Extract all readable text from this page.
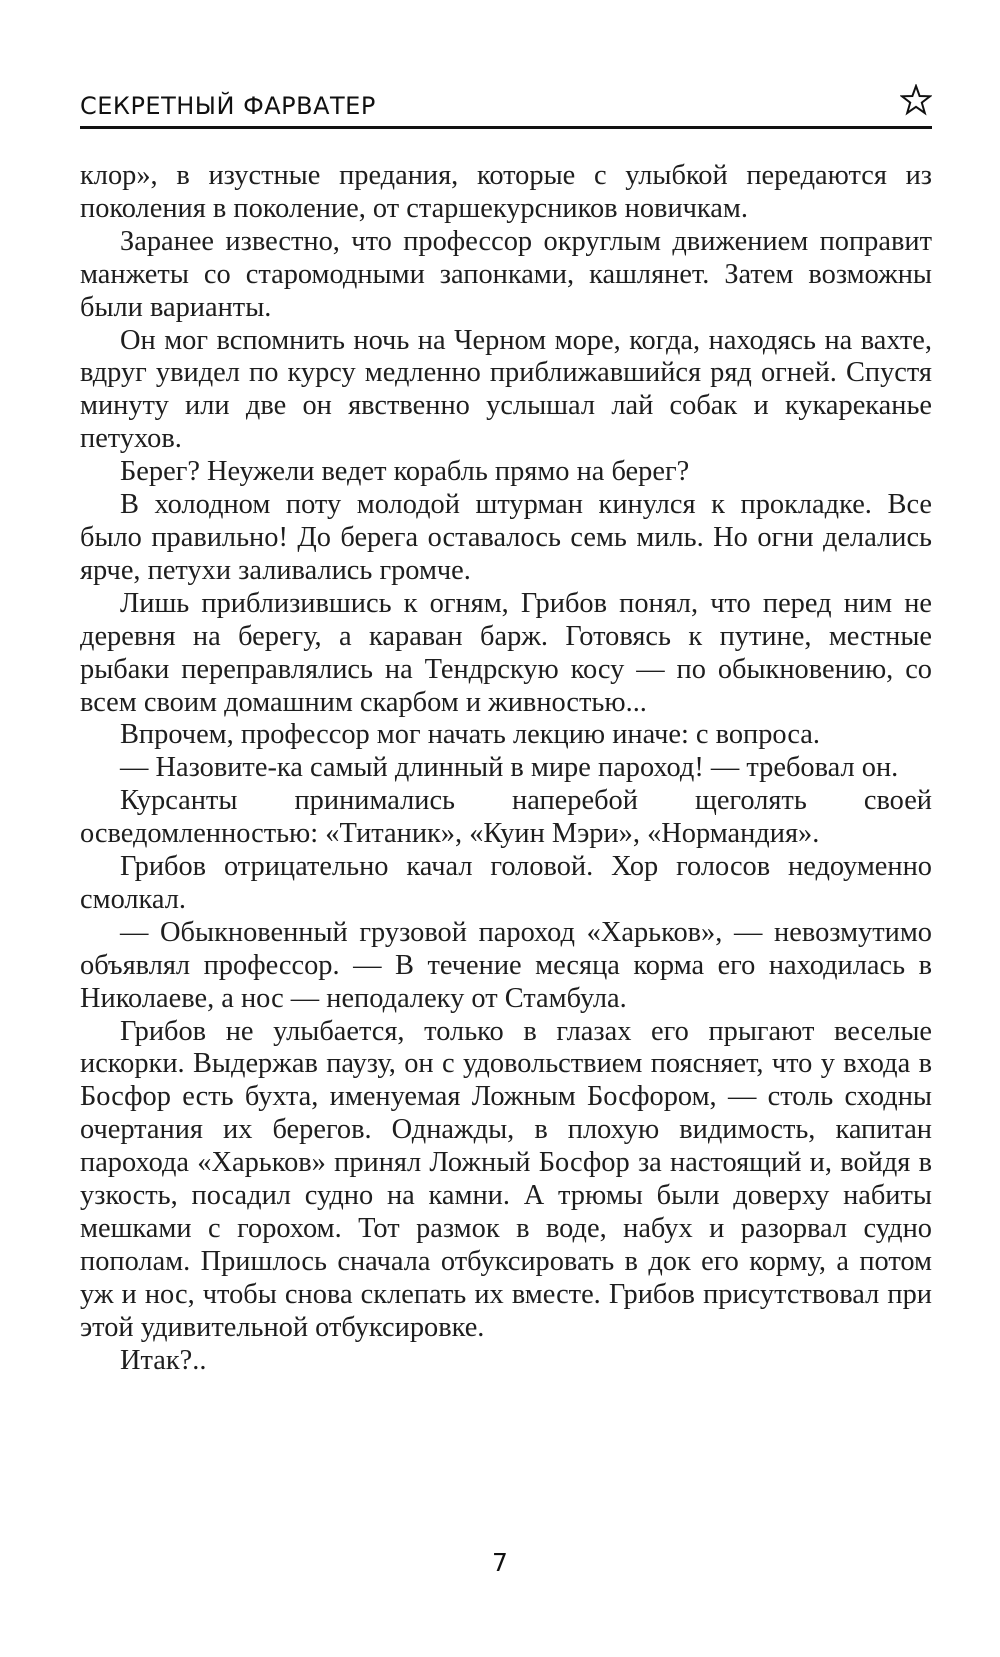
СЕКРЕТНЫЙ ФАРВАТЕР

клор», в изустные предания, которые с улыбкой передаются из поколения в поколение, от старшекурсников новичкам.

Заранее известно, что профессор округлым движением поправит манжеты со старомодными запонками, кашлянет. Затем возможны были варианты.

Он мог вспомнить ночь на Черном море, когда, находясь на вахте, вдруг увидел по курсу медленно приближавшийся ряд огней. Спустя минуту или две он явственно услышал лай собак и кукареканье петухов.

Берег? Неужели ведет корабль прямо на берег?

В холодном поту молодой штурман кинулся к прокладке. Все было правильно! До берега оставалось семь миль. Но огни делались ярче, петухи заливались громче.

Лишь приблизившись к огням, Грибов понял, что перед ним не деревня на берегу, а караван барж. Готовясь к путине, местные рыбаки переправлялись на Тендрскую косу — по обыкновению, со всем своим домашним скарбом и живностью...

Впрочем, профессор мог начать лекцию иначе: с вопроса.

— Назовите-ка самый длинный в мире пароход! — требовал он.

Курсанты принимались наперебой щеголять своей осведомленностью: «Титаник», «Куин Мэри», «Нормандия».

Грибов отрицательно качал головой. Хор голосов недоуменно смолкал.

— Обыкновенный грузовой пароход «Харьков», — невозмутимо объявлял профессор. — В течение месяца корма его находилась в Николаеве, а нос — неподалеку от Стамбула.

Грибов не улыбается, только в глазах его прыгают веселые искорки. Выдержав паузу, он с удовольствием поясняет, что у входа в Босфор есть бухта, именуемая Ложным Босфором, — столь сходны очертания их берегов. Однажды, в плохую видимость, капитан парохода «Харьков» принял Ложный Босфор за настоящий и, войдя в узкость, посадил судно на камни. А трюмы были доверху набиты мешками с горохом. Тот размок в воде, набух и разорвал судно пополам. Пришлось сначала отбуксировать в док его корму, а потом уж и нос, чтобы снова склепать их вместе. Грибов присутствовал при этой удивительной отбуксировке.

Итак?..

7
